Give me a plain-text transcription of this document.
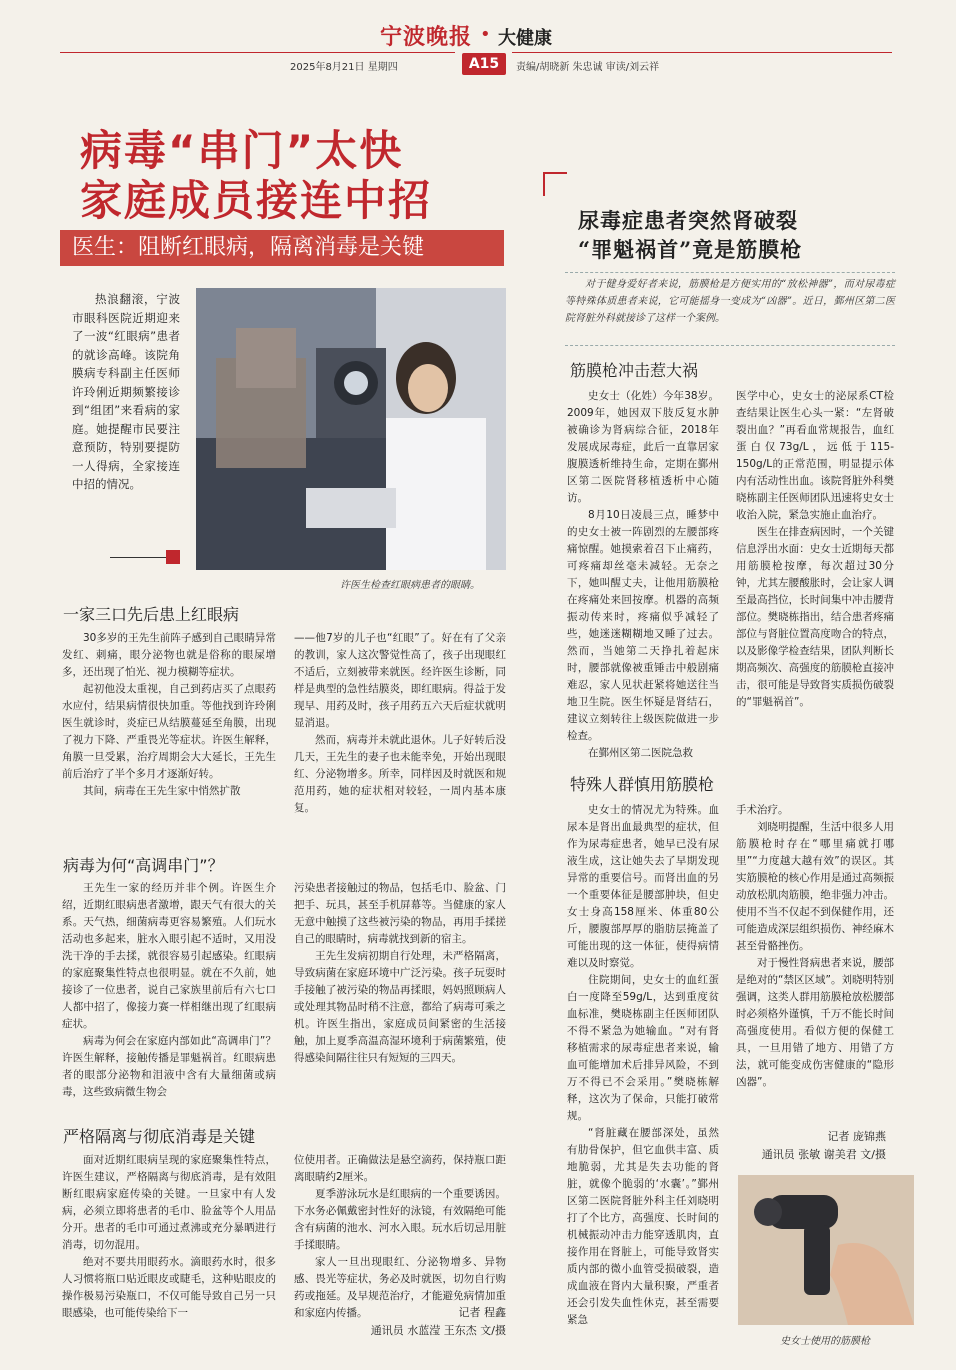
宁波晚报 • 大健康
2025年8月21日 星期四	A15	责编/胡晓新 朱忠诚 审读/刘云祥
病毒“串门”太快
家庭成员接连中招
医生：阻断红眼病，隔离消毒是关键

热浪翻滚，宁波市眼科医院近期迎来了一波“红眼病”患者的就诊高峰。该院角膜病专科副主任医师许玲俐近期频繁接诊到“组团”来看病的家庭。她提醒市民要注意预防，特别要提防一人得病，全家接连中招的情况。

许医生检查红眼病患者的眼睛。
一家三口先后患上红眼病

30多岁的王先生前阵子感到自己眼睛异常发红、刺痛，眼分泌物也就是俗称的眼屎增多，还出现了怕光、视力模糊等症状。

起初他没太重视，自己到药店买了点眼药水应付，结果病情很快加重。等他找到许玲俐医生就诊时，炎症已从结膜蔓延至角膜，出现了视力下降、严重畏光等症状。许医生解释，角膜一旦受累，治疗周期会大大延长，王先生前后治疗了半个多月才逐渐好转。

其间，病毒在王先生家中悄然扩散

——他7岁的儿子也“红眼”了。好在有了父亲的教训，家人这次警觉性高了，孩子出现眼红不适后，立刻被带来就医。经许医生诊断，同样是典型的急性结膜炎，即红眼病。得益于发现早、用药及时，孩子用药五六天后症状就明显消退。

然而，病毒并未就此退休。儿子好转后没几天，王先生的妻子也未能幸免，开始出现眼红、分泌物增多。所幸，同样因及时就医和规范用药，她的症状相对较轻，一周内基本康复。

病毒为何“高调串门”？

王先生一家的经历并非个例。许医生介绍，近期红眼病患者激增，跟天气有很大的关系。天气热，细菌病毒更容易繁殖。人们玩水活动也多起来，脏水入眼引起不适时，又用没洗干净的手去揉，就很容易引起感染。红眼病的家庭聚集性特点也很明显。就在不久前，她接诊了一位患者，说自己家族里前后有六七口人都中招了，像接力赛一样相继出现了红眼病症状。

病毒为何会在家庭内部如此“高调串门”？许医生解释，接触传播是罪魁祸首。红眼病患者的眼部分泌物和泪液中含有大量细菌或病毒，这些致病微生物会

污染患者接触过的物品，包括毛巾、脸盆、门把手、玩具，甚至手机屏幕等。当健康的家人无意中触摸了这些被污染的物品，再用手揉搓自己的眼睛时，病毒就找到新的宿主。

王先生发病初期自行处理，未严格隔离，导致病菌在家庭环境中广泛污染。孩子玩耍时手接触了被污染的物品再揉眼，妈妈照顾病人或处理其物品时稍不注意，都给了病毒可乘之机。许医生指出，家庭成员间紧密的生活接触，加上夏季高温高湿环境利于病菌繁殖，使得感染间隔往往只有短短的三四天。

严格隔离与彻底消毒是关键

面对近期红眼病呈现的家庭聚集性特点，许医生建议，严格隔离与彻底消毒，是有效阻断红眼病家庭传染的关键。一旦家中有人发病，必须立即将患者的毛巾、脸盆等个人用品分开。患者的毛巾可通过煮沸或充分暴晒进行消毒，切勿混用。

绝对不要共用眼药水。滴眼药水时，很多人习惯将瓶口贴近眼皮或睫毛，这种贴眼皮的操作极易污染瓶口，不仅可能导致自己另一只眼感染，也可能传染给下一

位使用者。正确做法是悬空滴药，保持瓶口距离眼睛约2厘米。

夏季游泳玩水是红眼病的一个重要诱因。下水务必佩戴密封性好的泳镜，有效隔绝可能含有病菌的池水、河水入眼。玩水后切忌用脏手揉眼睛。

家人一旦出现眼红、分泌物增多、异物感、畏光等症状，务必及时就医，切勿自行购药或拖延。及早规范治疗，才能避免病情加重和家庭内传播。	记者 程鑫
通讯员 水蓝滢 王东杰 文/摄
尿毒症患者突然肾破裂
“罪魁祸首”竟是筋膜枪
对于健身爱好者来说，筋膜枪是方便实用的“放松神器”，而对尿毒症等特殊体质患者来说，它可能摇身一变成为“凶器”。近日，鄞州区第二医院肾脏外科就接诊了这样一个案例。
筋膜枪冲击惹大祸

史女士（化姓）今年38岁。2009年，她因双下肢反复水肿被确诊为肾病综合征，2018年发展成尿毒症，此后一直靠居家腹膜透析维持生命，定期在鄞州区第二医院肾移植透析中心随访。

8月10日凌晨三点，睡梦中的史女士被一阵剧烈的左腰部疼痛惊醒。她摸索着召下止痛药，可疼痛却丝毫未减轻。无奈之下，她叫醒丈夫，让他用筋膜枪在疼痛处来回按摩。机器的高频振动传来时，疼痛似乎减轻了些，她迷迷糊糊地又睡了过去。然而，当她第二天挣扎着起床时，腰部就像被重锤击中般剧痛难忍，家人见状赶紧将她送往当地卫生院。医生怀疑是肾结石，建议立刻转往上级医院做进一步检查。

在鄞州区第二医院急救

医学中心，史女士的泌尿系CT检查结果让医生心头一紧：“左肾破裂出血？”再看血常规报告，血红蛋白仅73g/L，远低于115-150g/L的正常范围，明显提示体内有活动性出血。该院肾脏外科樊晓栋副主任医师团队迅速将史女士收治入院，紧急实施止血治疗。

医生在排查病因时，一个关键信息浮出水面：史女士近期每天都用筋膜枪按摩，每次超过30分钟，尤其左腰酸胀时，会让家人调至最高挡位，长时间集中冲击腰背部位。樊晓栋指出，结合患者疼痛部位与肾脏位置高度吻合的特点，以及影像学检查结果，团队判断长期高频次、高强度的筋膜枪直接冲击，很可能是导致肾实质损伤破裂的“罪魁祸首”。

特殊人群慎用筋膜枪

史女士的情况尤为特殊。血尿本是肾出血最典型的症状，但作为尿毒症患者，她早已没有尿液生成，这让她失去了早期发现异常的重要信号。而肾出血的另一个重要体征是腰部肿块，但史女士身高158厘米、体重80公斤，腰腹部厚厚的脂肪层掩盖了可能出现的这一体征，使得病情难以及时察觉。

住院期间，史女士的血红蛋白一度降至59g/L，达到重度贫血标准，樊晓栋副主任医师团队不得不紧急为她输血。“对有肾移植需求的尿毒症患者来说，输血可能增加术后排异风险，不到万不得已不会采用。”樊晓栋解释，这次为了保命，只能打破常规。

“肾脏藏在腰部深处，虽然有肋骨保护，但它血供丰富、质地脆弱，尤其是失去功能的肾脏，就像个脆弱的‘水囊’。”鄞州区第二医院肾脏外科主任刘晓明打了个比方，高强度、长时间的机械振动冲击力能穿透肌肉，直接作用在肾脏上，可能导致肾实质内部的微小血管受损破裂，造成血液在肾内大量积聚，严重者还会引发失血性休克，甚至需要紧急

手术治疗。

刘晓明提醒，生活中很多人用筋膜枪时存在“哪里痛就打哪里”“力度越大越有效”的误区。其实筋膜枪的核心作用是通过高频振动放松肌肉筋膜，绝非强力冲击。使用不当不仅起不到保健作用，还可能造成深层组织损伤、神经麻木甚至骨骼挫伤。

对于慢性肾病患者来说，腰部是绝对的“禁区区域”。刘晓明特别强调，这类人群用筋膜枪放松腰部时必须格外谨慎，千万不能长时间高强度使用。看似方便的保健工具，一旦用错了地方、用错了方法，就可能变成伤害健康的“隐形凶器”。

记者 庞锦燕
通讯员 张敏 谢美君 文/摄
史女士使用的筋膜枪
